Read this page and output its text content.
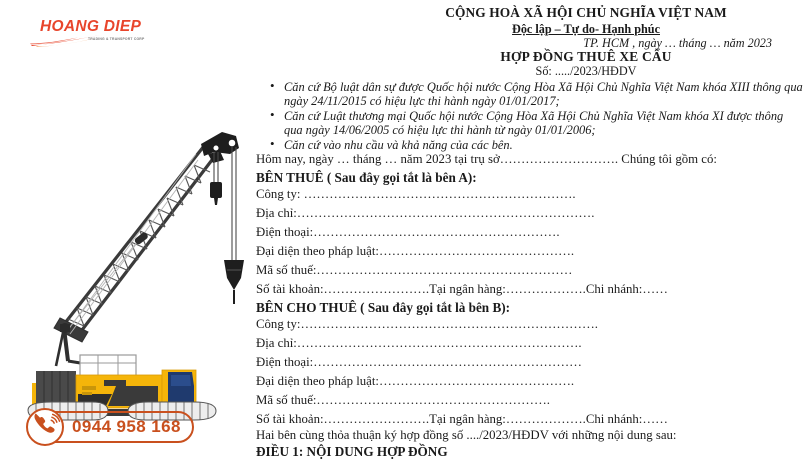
HOANG DIEP
TRADING & TRANSPORT CORP
0944 958 168
CỘNG HOÀ XÃ HỘI CHỦ NGHĨA VIỆT NAM
Độc lập – Tự do- Hạnh phúc
TP. HCM , ngày … tháng … năm 2023
HỢP ĐỒNG THUÊ XE CẨU
Số: ...../2023/HĐDV
• Căn cứ Bộ luật dân sự được Quốc hội nước Cộng Hòa Xã Hội Chủ Nghĩa Việt Nam khóa XIII thông qua ngày 24/11/2015 có hiệu lực thi hành ngày 01/01/2017;
• Căn cứ Luật thương mại Quốc hội nước Cộng Hòa Xã Hội Chủ Nghĩa Việt Nam khóa XI được thông qua ngày 14/06/2005 có hiệu lực thi hành từ ngày 01/01/2006;
• Căn cứ vào nhu cầu và khả năng của các bên.
Hôm nay, ngày … tháng … năm 2023 tại trụ sở………………………. Chúng tôi gồm có:
BÊN THUÊ ( Sau đây gọi tắt là bên A):
Công ty: ……………………………………………………….
Địa chỉ:…………………………………………………………….
Điện thoại:………………………………………………….
Đại diện theo pháp luật:……………………………………….
Mã số thuế:……………………………………………………
Số tài khoản:…………………….Tại ngân hàng:……………….Chi nhánh:……
BÊN CHO THUÊ ( Sau đây gọi tắt là bên B):
Công ty:…………………………………………………………….
Địa chỉ:………………………………………………………….
Điện thoại:………………………………………………………
Đại diện theo pháp luật:……………………………………….
Mã số thuế:……………………………………………….
Số tài khoản:…………………….Tại ngân hàng:……………….Chi nhánh:……
Hai bên cùng thỏa thuận ký hợp đồng số ..../2023/HĐDV với những nội dung sau:
ĐIỀU 1: NỘI DUNG HỢP ĐỒNG
